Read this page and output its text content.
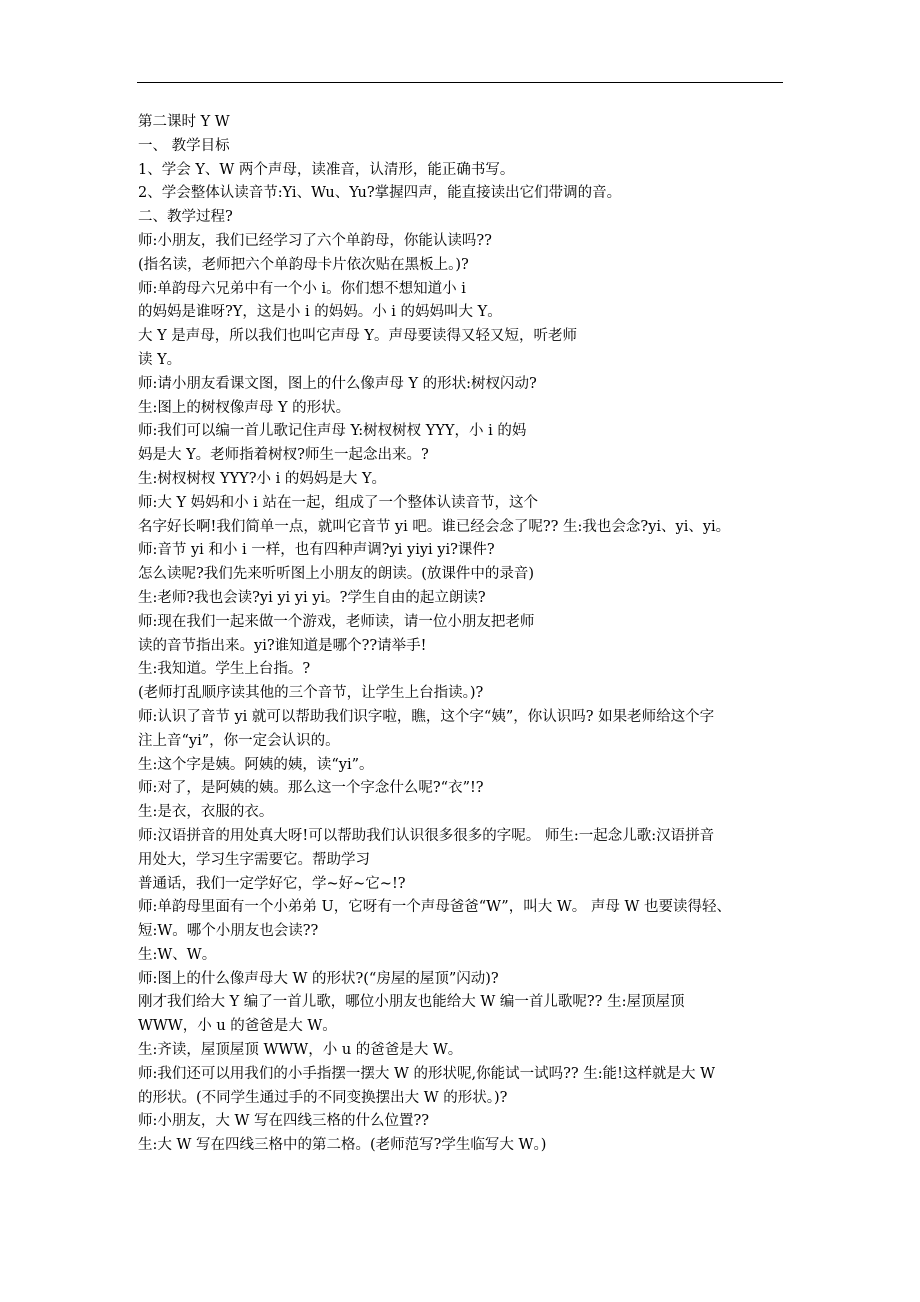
第二课时 Y W
一、 教学目标
1、学会 Y、W 两个声母，读准音，认清形，能正确书写。
2、学会整体认读音节:Yi、Wu、Yu?掌握四声，能直接读出它们带调的音。
二、教学过程?
师:小朋友，我们已经学习了六个单韵母，你能认读吗??
(指名读，老师把六个单韵母卡片依次贴在黑板上。)?
师:单韵母六兄弟中有一个小 i。你们想不想知道小 i
的妈妈是谁呀?Y，这是小 i 的妈妈。小 i 的妈妈叫大 Y。
大 Y 是声母，所以我们也叫它声母 Y。声母要读得又轻又短，听老师
读 Y。
师:请小朋友看课文图，图上的什么像声母 Y 的形状:树杈闪动?
生:图上的树杈像声母 Y 的形状。
师:我们可以编一首儿歌记住声母 Y:树杈树杈 YYY，小 i 的妈
妈是大 Y。老师指着树杈?师生一起念出来。?
生:树杈树杈 YYY?小 i 的妈妈是大 Y。
师:大 Y 妈妈和小 i 站在一起，组成了一个整体认读音节，这个
名字好长啊!我们简单一点，就叫它音节 yi 吧。谁已经会念了呢?? 生:我也会念?yi、yi、yi。
师:音节 yi 和小 i 一样，也有四种声调?yi yiyi yi?课件?
怎么读呢?我们先来听听图上小朋友的朗读。(放课件中的录音)
生:老师?我也会读?yi yi yi yi。?学生自由的起立朗读?
师:现在我们一起来做一个游戏，老师读，请一位小朋友把老师
读的音节指出来。yi?谁知道是哪个??请举手!
生:我知道。学生上台指。?
(老师打乱顺序读其他的三个音节，让学生上台指读。)?
师:认识了音节 yi 就可以帮助我们识字啦，瞧，这个字“姨”，你认识吗? 如果老师给这个字
注上音“yi”，你一定会认识的。
生:这个字是姨。阿姨的姨，读“yi”。
师:对了，是阿姨的姨。那么这一个字念什么呢?“衣”!?
生:是衣，衣服的衣。
师:汉语拼音的用处真大呀!可以帮助我们认识很多很多的字呢。 师生:一起念儿歌:汉语拼音
用处大，学习生字需要它。帮助学习
普通话，我们一定学好它，学~好~它~!?
师:单韵母里面有一个小弟弟 U，它呀有一个声母爸爸“W”，叫大 W。 声母 W 也要读得轻、
短:W。哪个小朋友也会读??
生:W、W。
师:图上的什么像声母大 W 的形状?(“房屋的屋顶”闪动)?
刚才我们给大 Y 编了一首儿歌，哪位小朋友也能给大 W 编一首儿歌呢?? 生:屋顶屋顶
WWW，小 u 的爸爸是大 W。
生:齐读，屋顶屋顶 WWW，小 u 的爸爸是大 W。
师:我们还可以用我们的小手指摆一摆大 W 的形状呢,你能试一试吗?? 生:能!这样就是大 W
的形状。(不同学生通过手的不同变换摆出大 W 的形状。)?
师:小朋友，大 W 写在四线三格的什么位置??
生:大 W 写在四线三格中的第二格。(老师范写?学生临写大 W。)
